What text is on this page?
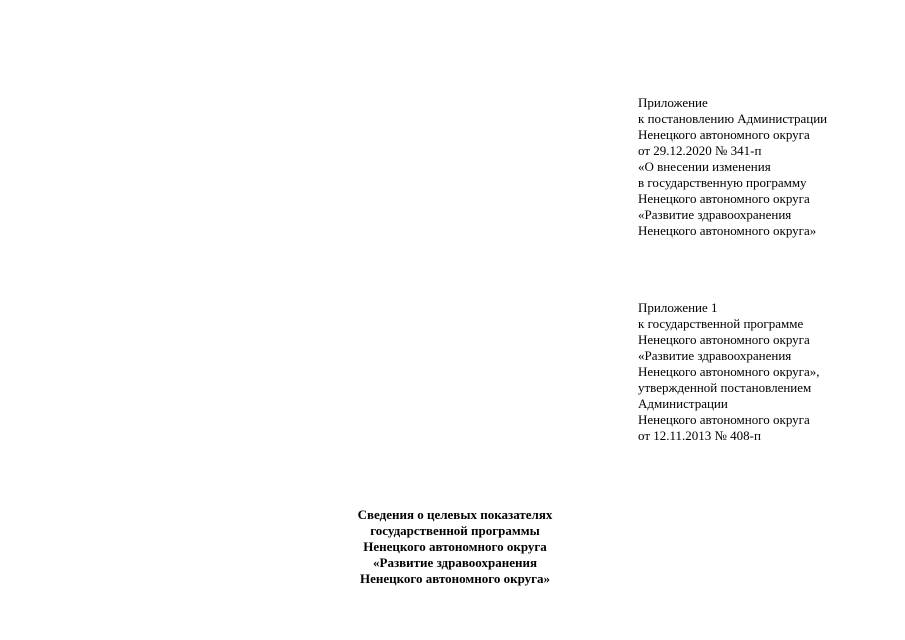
Приложение
к постановлению Администрации
Ненецкого автономного округа
от 29.12.2020 № 341-п
«О внесении изменения
в государственную программу
Ненецкого автономного округа
«Развитие здравоохранения
Ненецкого автономного округа»
Приложение 1
к государственной программе
Ненецкого автономного округа
«Развитие здравоохранения
Ненецкого автономного округа»,
утвержденной постановлением
Администрации
Ненецкого автономного округа
от 12.11.2013 № 408-п
Сведения о целевых показателях
государственной программы
Ненецкого автономного округа
«Развитие здравоохранения
Ненецкого автономного округа»
